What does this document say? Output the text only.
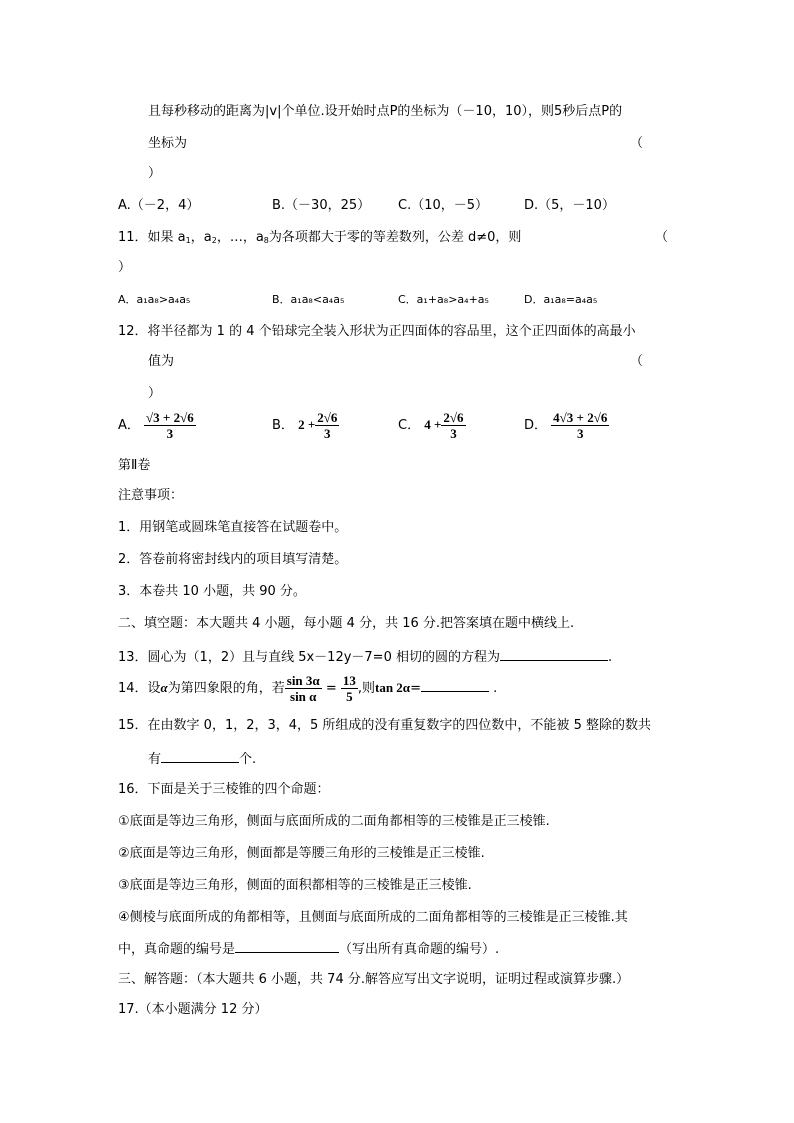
且每秒移动的距离为|v|个单位.设开始时点P的坐标为（－10，10），则5秒后点P的
坐标为	（
）
A.（－2，4）	B.（－30，25） C.（10，－5）	D.（5，－10）
11．如果 $a_1$，$a_2$，…，$a_8$为各项都大于零的等差数列，公差 d≠0，则	（
）
A．a₁a₈>a₄a₅	B．a₁a₈<a₄a₅	C．a₁+a₈>a₄+a₅	D．a₁a₈=a₄a₅
12．将半径都为 1 的 4 个铅球完全装入形状为正四面体的容品里，这个正四面体的高最小
值为	（
）
A． $\frac{√3 + 2√6}{3}$	B． $2 + \frac{2√6}{3}$	C． $4 + \frac{2√6}{3}$	D． $\frac{4√3 + 2√6}{3}$
第Ⅱ卷
注意事项：
1．用钢笔或圆珠笔直接答在试题卷中。
2．答卷前将密封线内的项目填写清楚。
3．本卷共 10 小题，共 90 分。
二、填空题：本大题共 4 小题，每小题 4 分，共 16 分.把答案填在题中横线上.
13．圆心为（1，2）且与直线 5x－12y－7=0 相切的圆的方程为	.
14．设α为第四象限的角，若 $\frac{\sin 3\alpha}{\text{sin α}} = \frac{13}{5}$ ,则tan 2α=	.
15．在由数字 0，1，2，3，4，5 所组成的没有重复数字的四位数中，不能被 5 整除的数共
有	个.
16．下面是关于三棱锥的四个命题：
①底面是等边三角形，侧面与底面所成的二面角都相等的三棱锥是正三棱锥.
②底面是等边三角形，侧面都是等腰三角形的三棱锥是正三棱锥.
③底面是等边三角形，侧面的面积都相等的三棱锥是正三棱锥.
④侧棱与底面所成的角都相等，且侧面与底面所成的二面角都相等的三棱锥是正三棱锥.其
中，真命题的编号是	（写出所有真命题的编号）.
三、解答题：（本大题共 6 小题，共 74 分.解答应写出文字说明，证明过程或演算步骤.）
17.（本小题满分 12 分）
